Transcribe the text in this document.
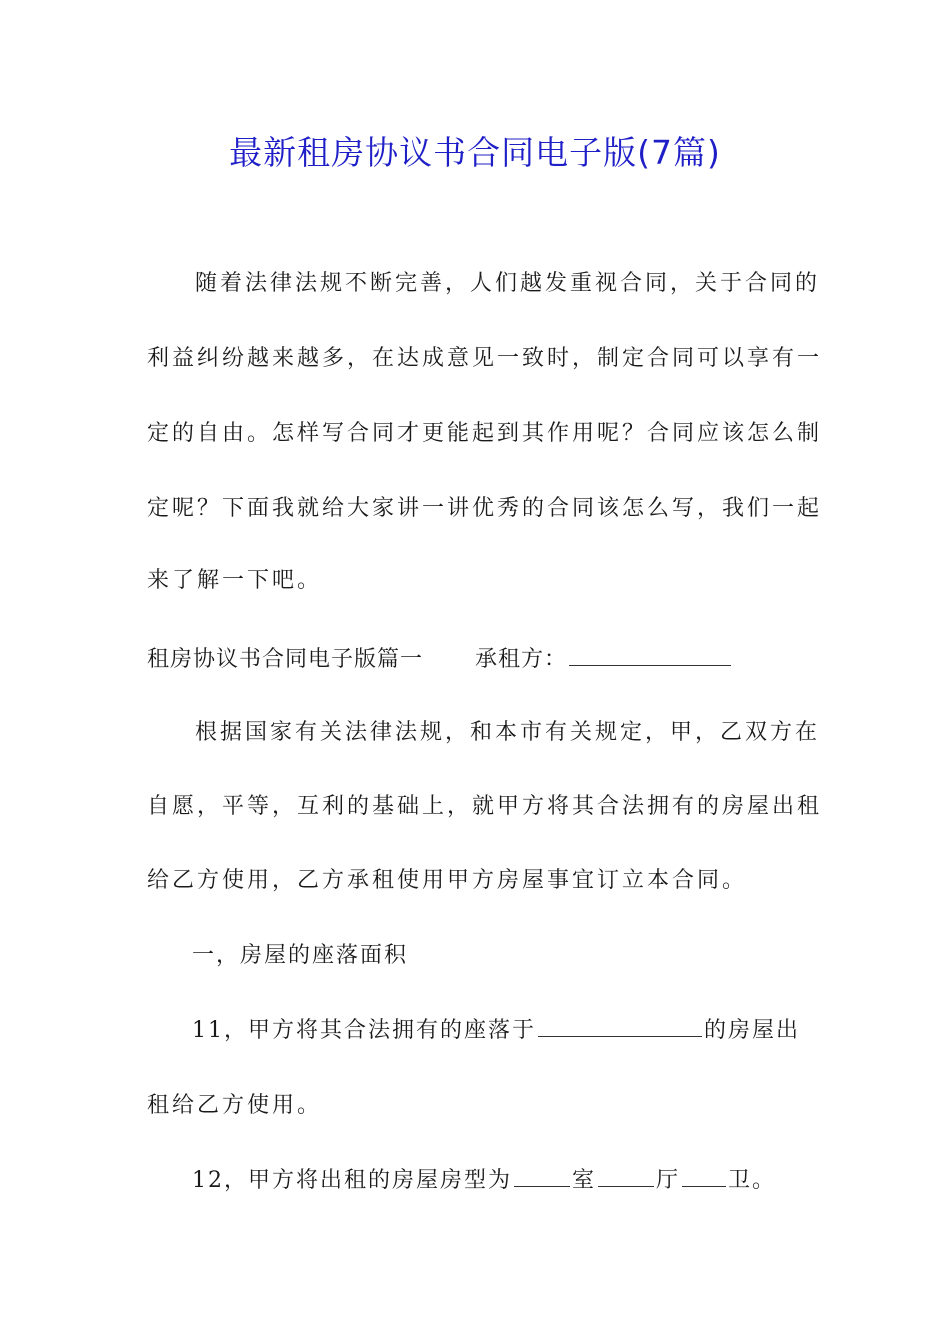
最新租房协议书合同电子版(7篇)
随着法律法规不断完善，人们越发重视合同，关于合同的
利益纠纷越来越多，在达成意见一致时，制定合同可以享有一
定的自由。怎样写合同才更能起到其作用呢？合同应该怎么制
定呢？下面我就给大家讲一讲优秀的合同该怎么写，我们一起
来了解一下吧。
租房协议书合同电子版篇一 承租方：
根据国家有关法律法规，和本市有关规定，甲，乙双方在
自愿，平等，互利的基础上，就甲方将其合法拥有的房屋出租
给乙方使用，乙方承租使用甲方房屋事宜订立本合同。
一，房屋的座落面积
11，甲方将其合法拥有的座落于	的房屋出
租给乙方使用。
12，甲方将出租的房屋房型为	室	厅 卫。
